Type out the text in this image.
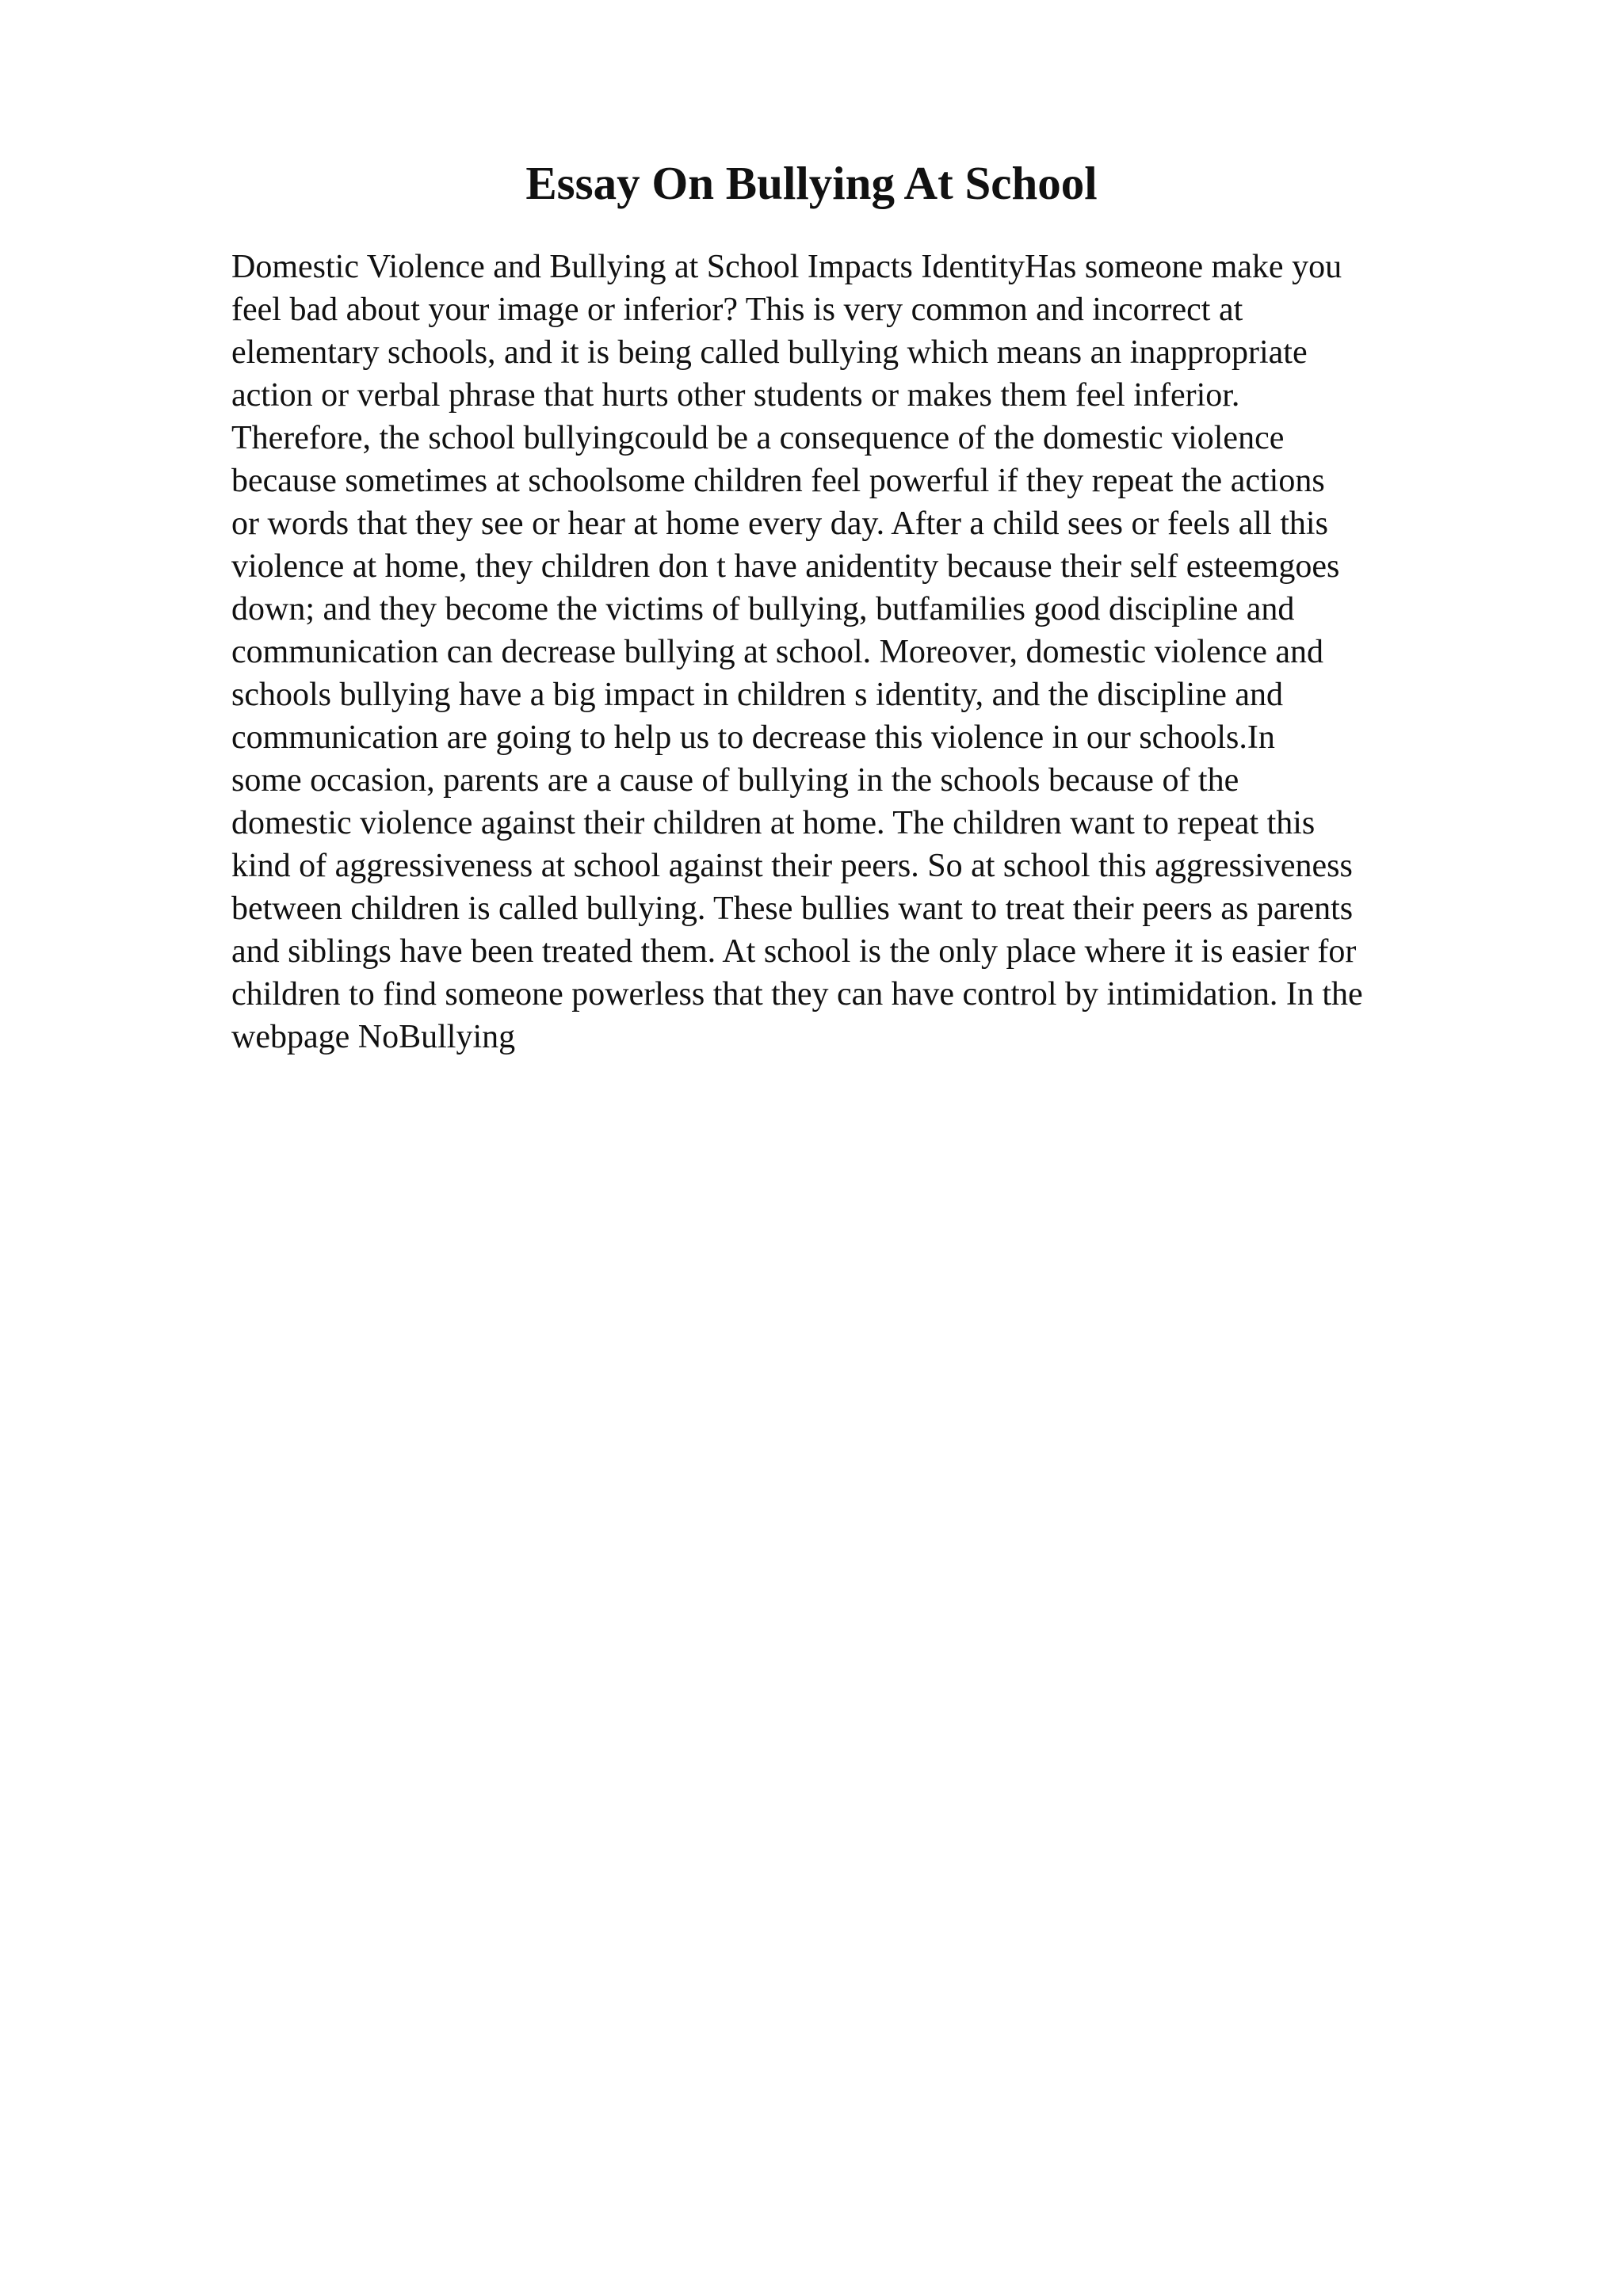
Essay On Bullying At School
Domestic Violence and Bullying at School Impacts IdentityHas someone make you
feel bad about your image or inferior? This is very common and incorrect at
elementary schools, and it is being called bullying which means an inappropriate
action or verbal phrase that hurts other students or makes them feel inferior.
Therefore, the school bullyingcould be a consequence of the domestic violence
because sometimes at schoolsome children feel powerful if they repeat the actions
or words that they see or hear at home every day. After a child sees or feels all this
violence at home, they children don t have anidentity because their self esteemgoes
down; and they become the victims of bullying, butfamilies good discipline and
communication can decrease bullying at school. Moreover, domestic violence and
schools bullying have a big impact in children s identity, and the discipline and
communication are going to help us to decrease this violence in our schools.In
some occasion, parents are a cause of bullying in the schools because of the
domestic violence against their children at home. The children want to repeat this
kind of aggressiveness at school against their peers. So at school this aggressiveness
between children is called bullying. These bullies want to treat their peers as parents
and siblings have been treated them. At school is the only place where it is easier for
children to find someone powerless that they can have control by intimidation. In the
webpage NoBullying
